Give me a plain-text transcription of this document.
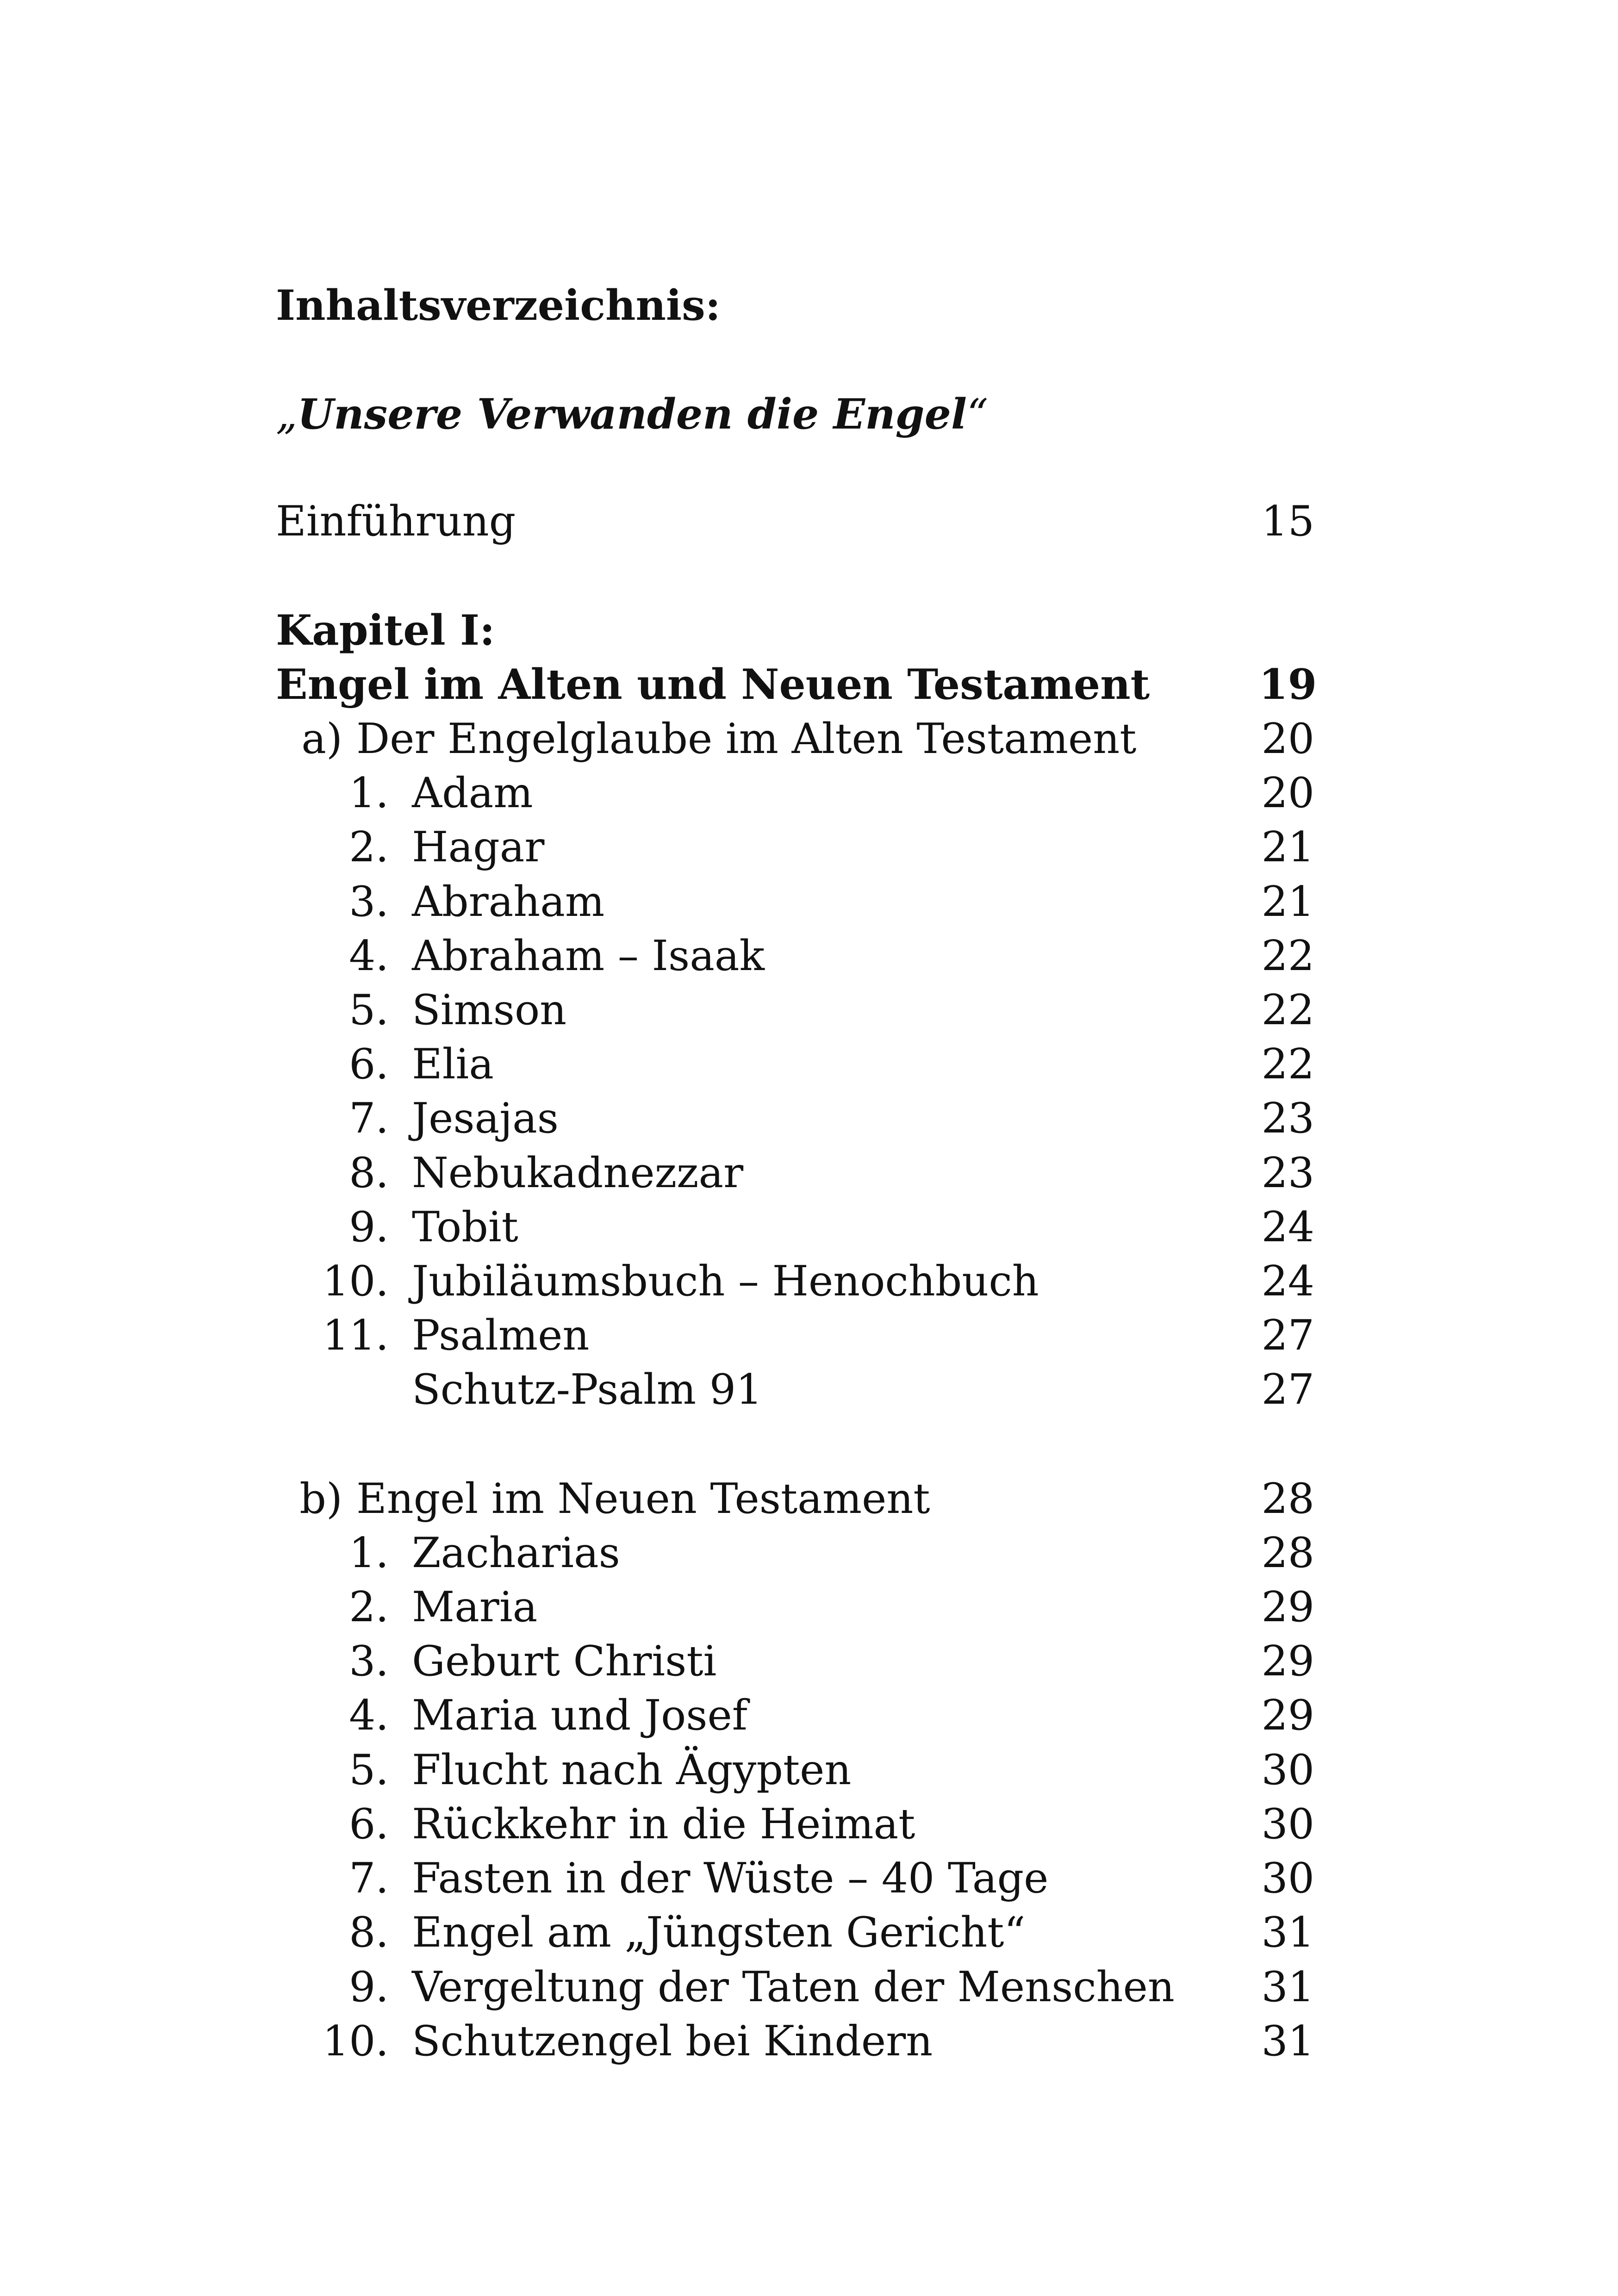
Inhaltsverzeichnis:
„Unsere Verwanden die Engel“
Einführung	15
Kapitel I:
Engel im Alten und Neuen Testament	19
a) Der Engelglaube im Alten Testament	20
1. Adam	20
2. Hagar	21
3. Abraham	21
4. Abraham – Isaak	22
5. Simson	22
6. Elia	22
7. Jesajas	23
8. Nebukadnezzar	23
9. Tobit	24
10. Jubiläumsbuch – Henochbuch	24
11. Psalmen	27
Schutz-Psalm 91	27
b) Engel im Neuen Testament	28
1. Zacharias	28
2. Maria	29
3. Geburt Christi	29
4. Maria und Josef	29
5. Flucht nach Ägypten	30
6. Rückkehr in die Heimat	30
7. Fasten in der Wüste – 40 Tage	30
8. Engel am „Jüngsten Gericht“	31
9. Vergeltung der Taten der Menschen 31
10. Schutzengel bei Kindern	31
